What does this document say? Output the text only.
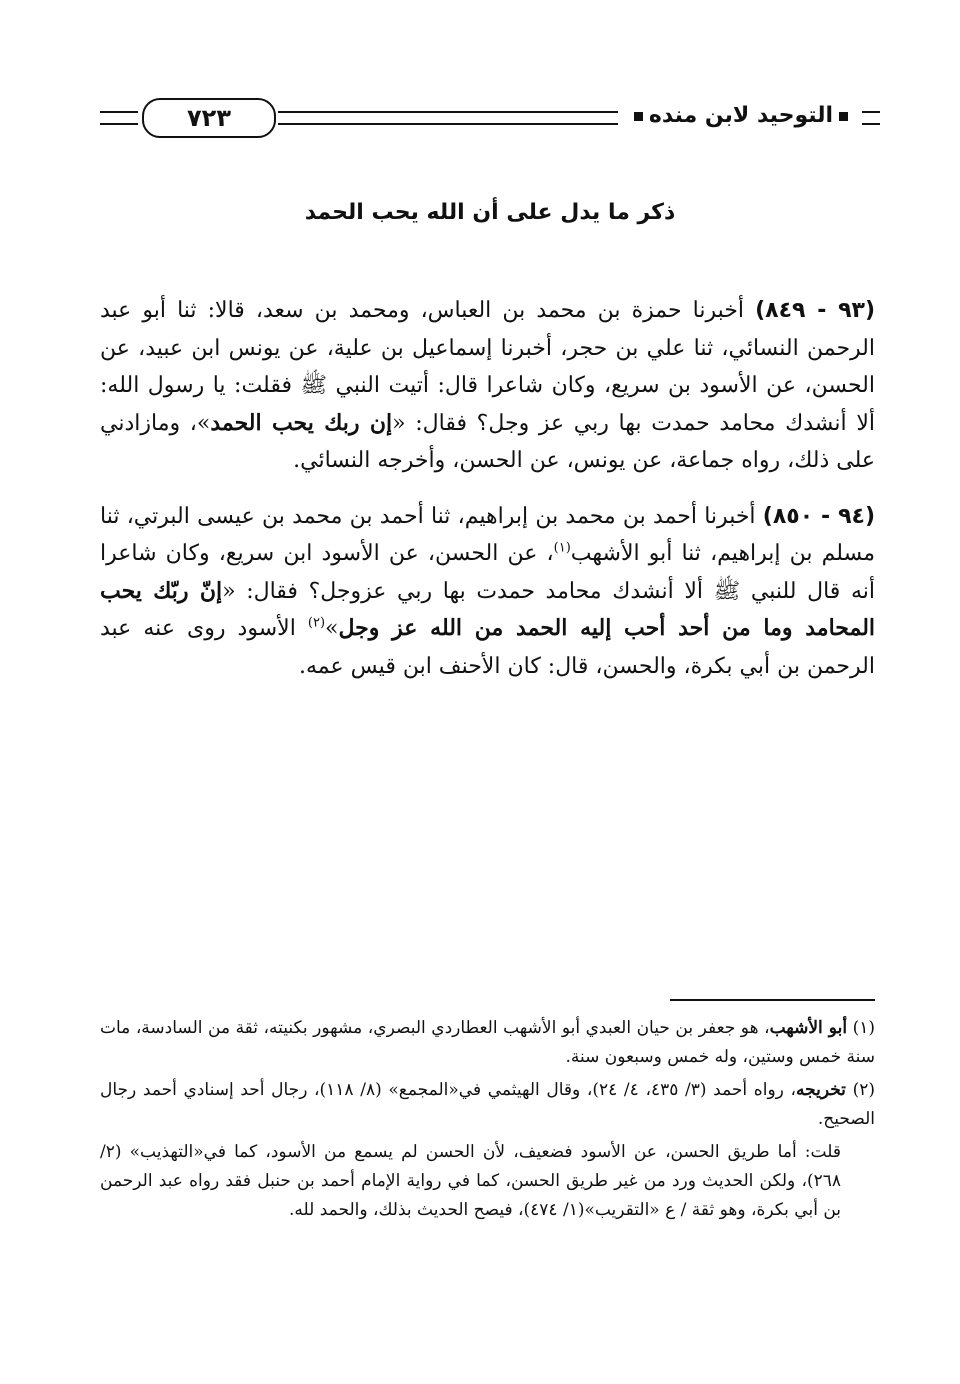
٧٢٣	التوحيد لابن منده
ذكر ما يدل على أن الله يحب الحمد

(٩٣ - ٨٤٩) أخبرنا حمزة بن محمد بن العباس، ومحمد بن سعد، قالا: ثنا أبو عبد الرحمن النسائي، ثنا علي بن حجر، أخبرنا إسماعيل بن علية، عن يونس ابن عبيد، عن الحسن، عن الأسود بن سريع، وكان شاعرا قال: أتيت النبي ﷺ فقلت: يا رسول الله: ألا أنشدك محامد حمدت بها ربي عز وجل؟ فقال: «إن ربك يحب الحمد»، ومازادني على ذلك، رواه جماعة، عن يونس، عن الحسن، وأخرجه النسائي.

(٩٤ - ٨٥٠) أخبرنا أحمد بن محمد بن إبراهيم، ثنا أحمد بن محمد بن عيسى البرتي، ثنا مسلم بن إبراهيم، ثنا أبو الأشهب$^{(١)}$، عن الحسن، عن الأسود ابن سريع، وكان شاعرا أنه قال للنبي ﷺ ألا أنشدك محامد حمدت بها ربي عزوجل؟ فقال: «إنّ ربّك يحب المحامد وما من أحد أحب إليه الحمد من الله عز وجل»$^{(٢)}$ الأسود روى عنه عبد الرحمن بن أبي بكرة، والحسن، قال: كان الأحنف ابن قيس عمه.

(١) أبو الأشهب، هو جعفر بن حيان العبدي أبو الأشهب العطاردي البصري، مشهور بكنيته، ثقة من السادسة، مات سنة خمس وستين، وله خمس وسبعون سنة.

(٢) تخريجه، رواه أحمد (٣/ ٤٣٥، ٤/ ٢٤)، وقال الهيثمي في«المجمع» (٨/ ١١٨)، رجال أحد إسنادي أحمد رجال الصحيح.

قلت: أما طريق الحسن، عن الأسود فضعيف، لأن الحسن لم يسمع من الأسود، كما في«التهذيب» (٢/ ٢٦٨)، ولكن الحديث ورد من غير طريق الحسن، كما في رواية الإمام أحمد بن حنبل فقد رواه عبد الرحمن بن أبي بكرة، وهو ثقة / ع «التقريب»(١/ ٤٧٤)، فيصح الحديث بذلك، والحمد لله.
